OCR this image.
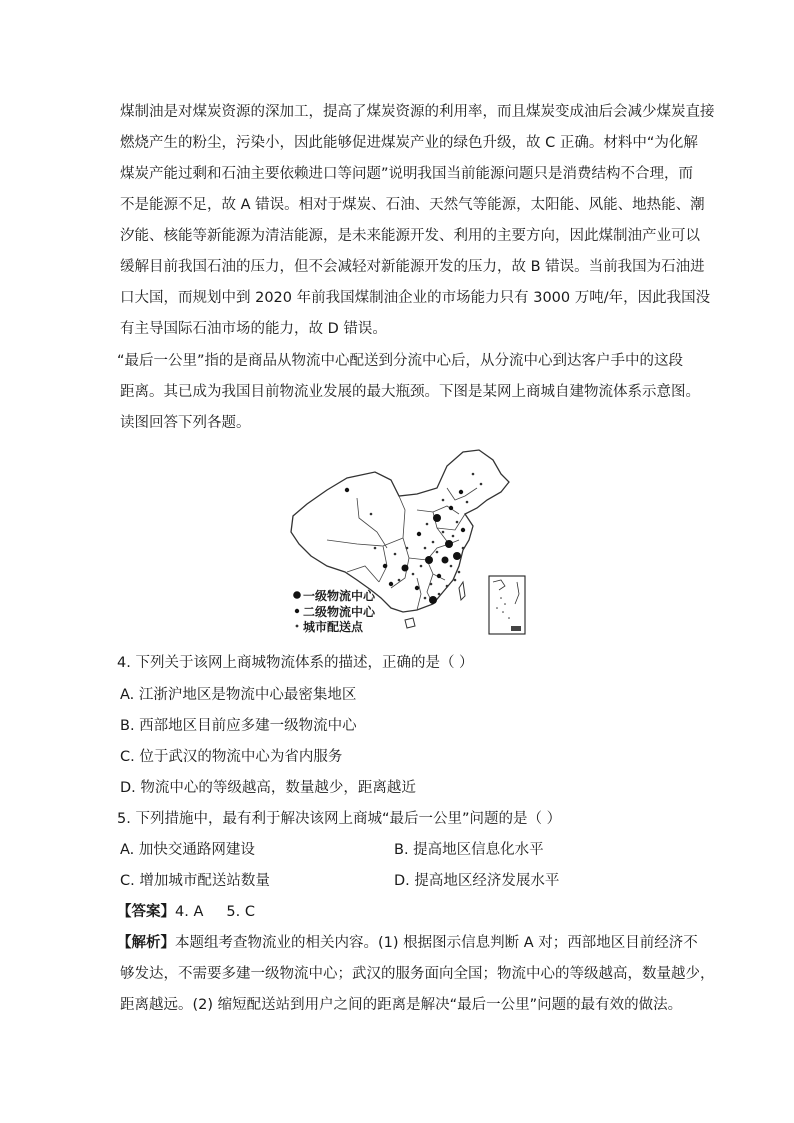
煤制油是对煤炭资源的深加工，提高了煤炭资源的利用率，而且煤炭变成油后会减少煤炭直接
燃烧产生的粉尘，污染小，因此能够促进煤炭产业的绿色升级，故 C 正确。材料中“为化解
煤炭产能过剩和石油主要依赖进口等问题”说明我国当前能源问题只是消费结构不合理，而
不是能源不足，故 A 错误。相对于煤炭、石油、天然气等能源，太阳能、风能、地热能、潮
汐能、核能等新能源为清洁能源，是未来能源开发、利用的主要方向，因此煤制油产业可以
缓解目前我国石油的压力，但不会减轻对新能源开发的压力，故 B 错误。当前我国为石油进
口大国，而规划中到 2020 年前我国煤制油企业的市场能力只有 3000 万吨/年，因此我国没
有主导国际石油市场的能力，故 D 错误。
“最后一公里”指的是商品从物流中心配送到分流中心后，从分流中心到达客户手中的这段
距离。其已成为我国目前物流业发展的最大瓶颈。下图是某网上商城自建物流体系示意图。
读图回答下列各题。
一级物流中心
二级物流中心
城市配送点
4. 下列关于该网上商城物流体系的描述，正确的是（ ）
A. 江浙沪地区是物流中心最密集地区
B. 西部地区目前应多建一级物流中心
C. 位于武汉的物流中心为省内服务
D. 物流中心的等级越高，数量越少，距离越近
5. 下列措施中，最有利于解决该网上商城“最后一公里”问题的是（ ）
A. 加快交通路网建设	B. 提高地区信息化水平
C. 增加城市配送站数量	D. 提高地区经济发展水平
【答案】4. A     5. C
【解析】本题组考查物流业的相关内容。(1) 根据图示信息判断 A 对；西部地区目前经济不
够发达，不需要多建一级物流中心；武汉的服务面向全国；物流中心的等级越高，数量越少，
距离越远。(2) 缩短配送站到用户之间的距离是解决“最后一公里”问题的最有效的做法。
